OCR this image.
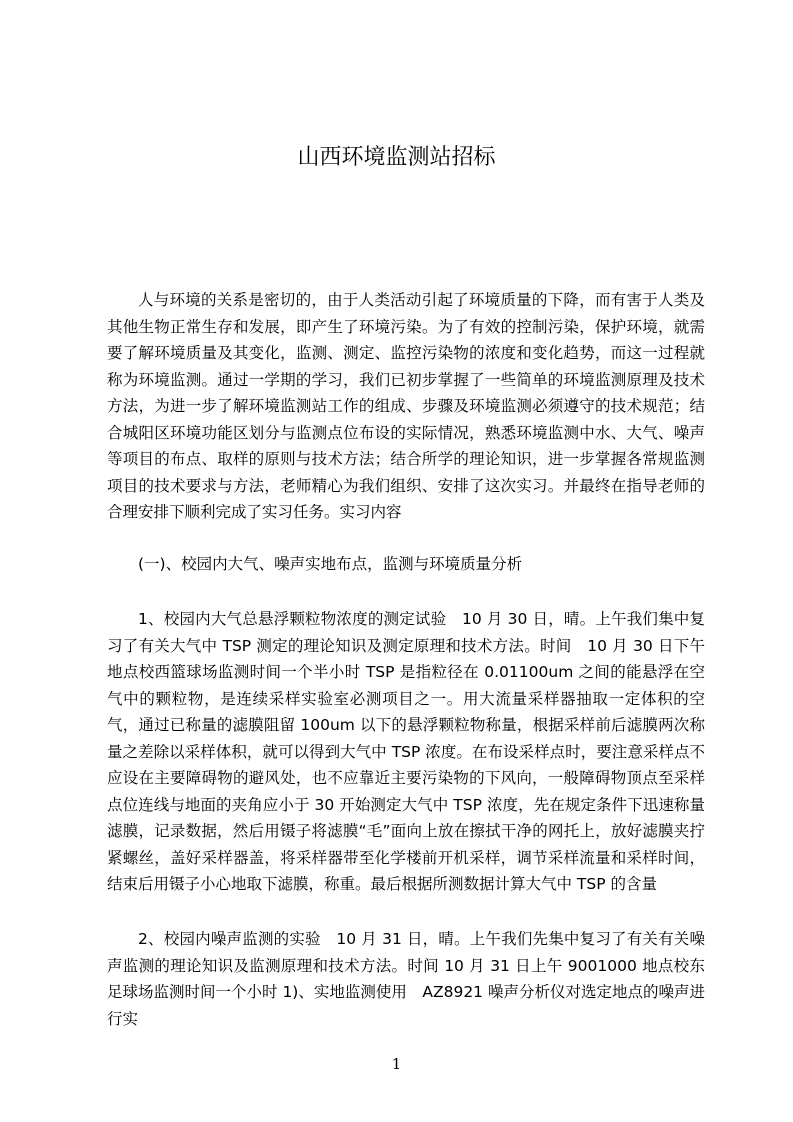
山西环境监测站招标

人与环境的关系是密切的，由于人类活动引起了环境质量的下降，而有害于人类及其他生物正常生存和发展，即产生了环境污染。为了有效的控制污染，保护环境，就需要了解环境质量及其变化，监测、测定、监控污染物的浓度和变化趋势，而这一过程就称为环境监测。通过一学期的学习，我们已初步掌握了一些简单的环境监测原理及技术方法，为进一步了解环境监测站工作的组成、步骤及环境监测必须遵守的技术规范；结合城阳区环境功能区划分与监测点位布设的实际情况，熟悉环境监测中水、大气、噪声等项目的布点、取样的原则与技术方法；结合所学的理论知识，进一步掌握各常规监测项目的技术要求与方法，老师精心为我们组织、安排了这次实习。并最终在指导老师的合理安排下顺利完成了实习任务。实习内容

(一)、校园内大气、噪声实地布点，监测与环境质量分析

1、校园内大气总悬浮颗粒物浓度的测定试验　10 月 30 日，晴。上午我们集中复习了有关大气中 TSP 测定的理论知识及测定原理和技术方法。时间　10 月 30 日下午地点校西篮球场监测时间一个半小时 TSP 是指粒径在 0.01100um 之间的能悬浮在空气中的颗粒物，是连续采样实验室必测项目之一。用大流量采样器抽取一定体积的空气，通过已称量的滤膜阻留 100um 以下的悬浮颗粒物称量，根据采样前后滤膜两次称量之差除以采样体积，就可以得到大气中 TSP 浓度。在布设采样点时，要注意采样点不应设在主要障碍物的避风处，也不应靠近主要污染物的下风向，一般障碍物顶点至采样点位连线与地面的夹角应小于 30 开始测定大气中 TSP 浓度，先在规定条件下迅速称量滤膜，记录数据，然后用镊子将滤膜“毛”面向上放在擦拭干净的网托上，放好滤膜夹拧紧螺丝，盖好采样器盖，将采样器带至化学楼前开机采样，调节采样流量和采样时间，结束后用镊子小心地取下滤膜，称重。最后根据所测数据计算大气中 TSP 的含量

2、校园内噪声监测的实验　10 月 31 日，晴。上午我们先集中复习了有关有关噪声监测的理论知识及监测原理和技术方法。时间 10 月 31 日上午 9001000 地点校东足球场监测时间一个小时 1)、实地监测使用　AZ8921 噪声分析仪对选定地点的噪声进行实

1
